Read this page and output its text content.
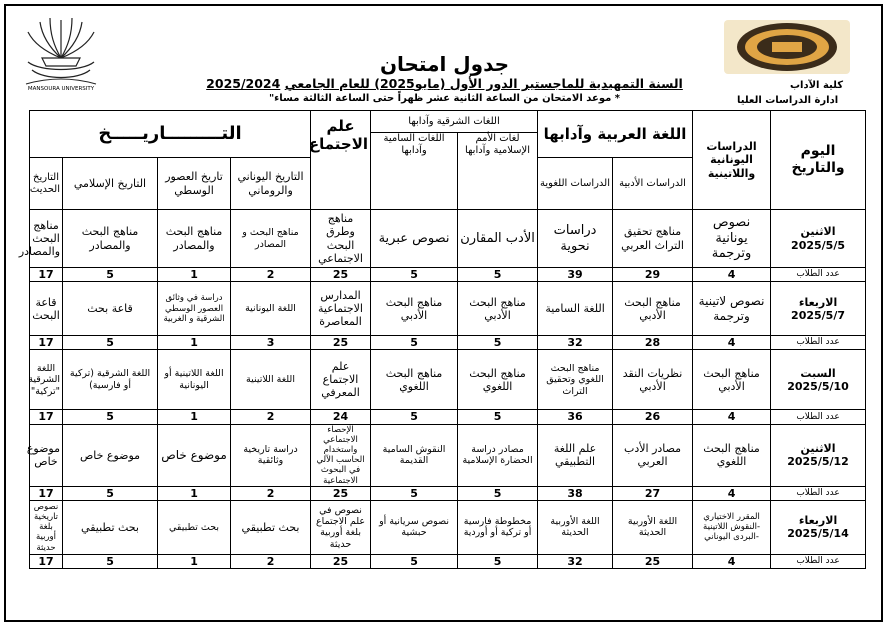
MANSOURA UNIVERSITY
جدول امتحان
السنة التمهيدية للماجستير الدور الأول (مايو2025) للعام الجامعي 2025/2024
* موعد الامتحان من الساعة الثانية عشر ظهراً حتى الساعة الثالثة مساء"
كلية الآداب
ادارة الدراسات العليا
اليوم والتاريخ	الدراسات اليونانية واللاتينية	اللغة العربية وآدابها		اللغات الشرقية وآدابها		علم الاجتماع	التـــــــــاريـــــخ	
				لغات الأمم الإسلامية وآدابها	اللغات السامية وآدابها						
		الدراسات الأدبية	الدراسات اللغوية				التاريخ اليوناني والروماني	تاريخ العصور الوسطي	التاريخ الإسلامي	التاريخ الحديث	

الاثنين
2025/5/5	نصوص يونانية وترجمة	مناهج تحقيق التراث العربي	دراسات نحوية	الأدب المقارن	نصوص عبرية	مناهج وطرق البحث الاجتماعي	مناهج البحث و المصادر	مناهج البحث والمصادر	مناهج البحث والمصادر	مناهج البحث والمصادر	
عدد الطلاب	4	29	39	5	5	25	2	1	5	17	

الاربعاء
2025/5/7	نصوص لاتينية وترجمة	مناهج البحث الأدبي	اللغة السامية	مناهج البحث الأدبي	مناهج البحث الأدبي	المدارس الاجتماعية المعاصرة	اللغة اليونانية	دراسة في وثائق العصور الوسطي الشرقية و الغربية	قاعة بحث	قاعة البحث	
عدد الطلاب	4	28	32	5	5	25	3	1	5	17	

السبت
2025/5/10	مناهج البحث الأدبي	نظريات النقد الأدبي	مناهج البحث اللغوي وتحقيق التراث	مناهج البحث اللغوي	مناهج البحث اللغوي	علم الاجتماع المعرفي	اللغة اللاتينية	اللغة اللاتينية أو اليونانية	اللغة الشرقية (تركية أو فارسية)	اللغة الشرقية "تركية"	
عدد الطلاب	4	26	36	5	5	24	2	1	5	17	

الاثنين
2025/5/12	مناهج البحث اللغوي	مصادر الأدب العربي	علم اللغة التطبيقي	مصادر دراسة الحضارة الإسلامية	النقوش السامية القديمة	الإحصاء الاجتماعي واستخدام الحاسب الآلي في البحوث الاجتماعية	دراسة تاريخية وثائقية	موضوع خاص	موضوع خاص	موضوع خاص	
عدد الطلاب	4	27	38	5	5	25	2	1	5	17	

الاربعاء
2025/5/14	المقرر الاختياري -النقوش اللاتينية -البردى اليوناني	اللغة الأوربية الحديثة	اللغة الأوربية الحديثة	مخطوطة فارسية أو تركية أو أوردية	نصوص سريانية أو حبشية	نصوص في علم الاجتماع بلغة أوربية حديثة	بحث تطبيقي	بحث تطبيقي	بحث تطبيقي	نصوص تاريخية بلغة أوربية حديثة	
عدد الطلاب	4	25	32	5	5	25	2	1	5	17	
